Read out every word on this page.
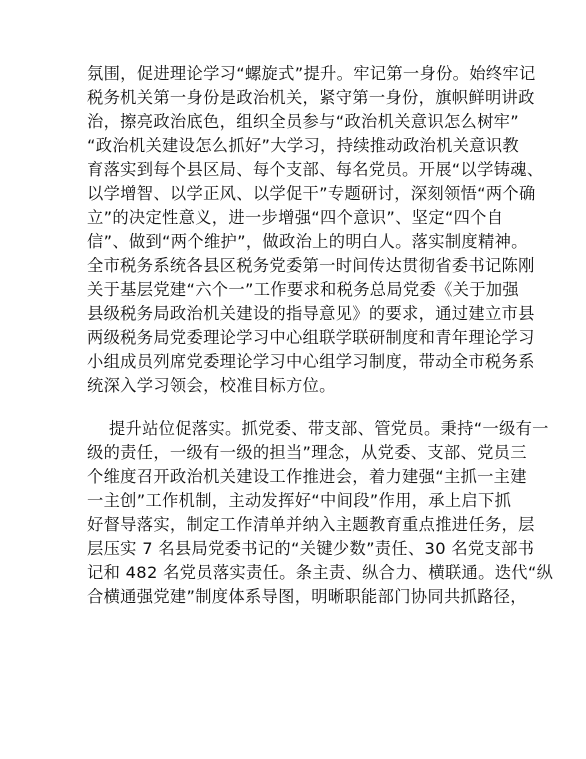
氛围，促进理论学习“螺旋式”提升。牢记第一身份。始终牢记
税务机关第一身份是政治机关，紧守第一身份，旗帜鲜明讲政
治，擦亮政治底色，组织全员参与“政治机关意识怎么树牢”
“政治机关建设怎么抓好”大学习，持续推动政治机关意识教
育落实到每个县区局、每个支部、每名党员。开展“以学铸魂、
以学增智、以学正风、以学促干”专题研讨，深刻领悟“两个确
立”的决定性意义，进一步增强“四个意识”、坚定“四个自
信”、做到“两个维护”，做政治上的明白人。落实制度精神。
全市税务系统各县区税务党委第一时间传达贯彻省委书记陈刚
关于基层党建“六个一”工作要求和税务总局党委《关于加强
县级税务局政治机关建设的指导意见》的要求，通过建立市县
两级税务局党委理论学习中心组联学联研制度和青年理论学习
小组成员列席党委理论学习中心组学习制度，带动全市税务系
统深入学习领会，校准目标方位。
提升站位促落实。抓党委、带支部、管党员。秉持“一级有一
级的责任，一级有一级的担当”理念，从党委、支部、党员三
个维度召开政治机关建设工作推进会，着力建强“主抓一主建
一主创”工作机制，主动发挥好“中间段”作用，承上启下抓
好督导落实，制定工作清单并纳入主题教育重点推进任务，层
层压实 7 名县局党委书记的“关键少数”责任、30 名党支部书
记和 482 名党员落实责任。条主责、纵合力、横联通。迭代“纵
合横通强党建”制度体系导图，明晰职能部门协同共抓路径，
